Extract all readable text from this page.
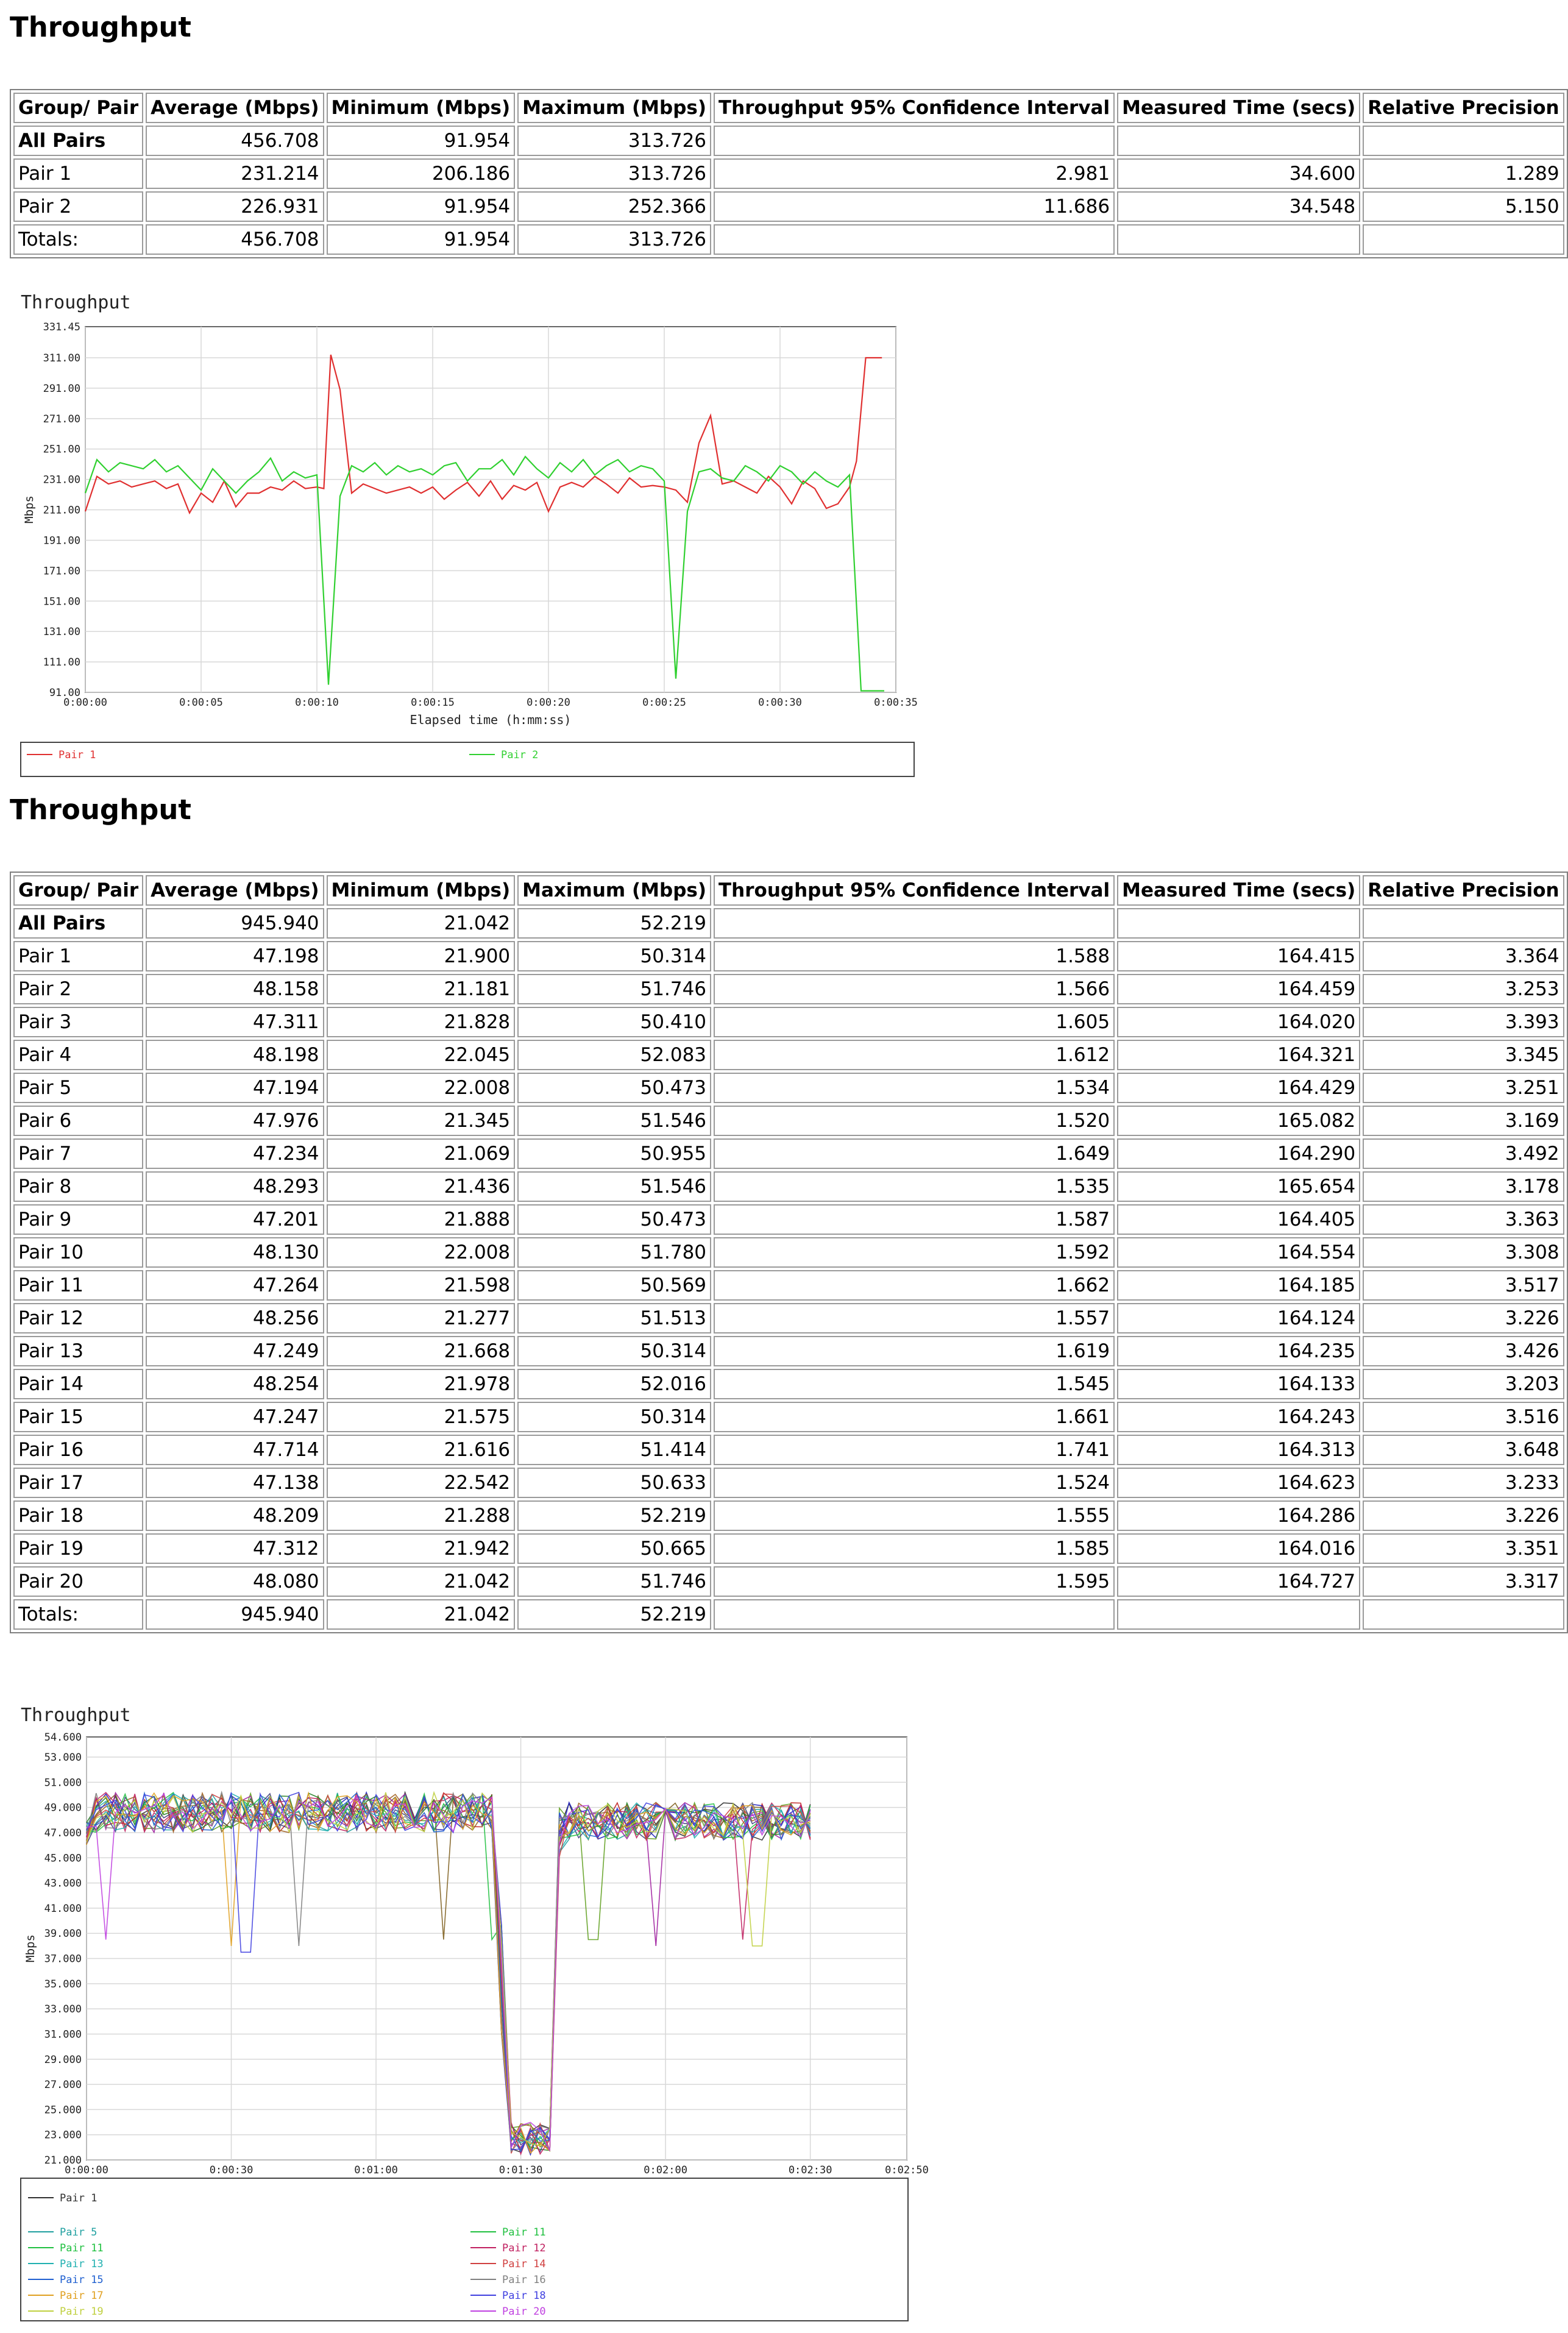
Throughput
Group/ Pair	Average (Mbps)	Minimum (Mbps)	Maximum (Mbps)	Throughput 95% Confidence Interval	Measured Time (secs)	Relative Precision
All Pairs	456.708	91.954	313.726			
Pair 1	231.214	206.186	313.726	2.981	34.600	1.289
Pair 2	226.931	91.954	252.366	11.686	34.548	5.150
Totals:	456.708	91.954	313.726			
Throughput
331.45
311.00
291.00
271.00
251.00
231.00
211.00
191.00
171.00
151.00
131.00
111.00
91.00
0:00:00	0:00:05	0:00:10	0:00:15	0:00:20	0:00:25	0:00:30	0:00:35
Elapsed time (h:mm:ss)
Mbps
Pair 1	Pair 2
Throughput
Group/ Pair	Average (Mbps)	Minimum (Mbps)	Maximum (Mbps)	Throughput 95% Confidence Interval	Measured Time (secs)	Relative Precision
All Pairs	945.940	21.042	52.219			
Pair 1	47.198	21.900	50.314	1.588	164.415	3.364
Pair 2	48.158	21.181	51.746	1.566	164.459	3.253
Pair 3	47.311	21.828	50.410	1.605	164.020	3.393
Pair 4	48.198	22.045	52.083	1.612	164.321	3.345
Pair 5	47.194	22.008	50.473	1.534	164.429	3.251
Pair 6	47.976	21.345	51.546	1.520	165.082	3.169
Pair 7	47.234	21.069	50.955	1.649	164.290	3.492
Pair 8	48.293	21.436	51.546	1.535	165.654	3.178
Pair 9	47.201	21.888	50.473	1.587	164.405	3.363
Pair 10	48.130	22.008	51.780	1.592	164.554	3.308
Pair 11	47.264	21.598	50.569	1.662	164.185	3.517
Pair 12	48.256	21.277	51.513	1.557	164.124	3.226
Pair 13	47.249	21.668	50.314	1.619	164.235	3.426
Pair 14	48.254	21.978	52.016	1.545	164.133	3.203
Pair 15	47.247	21.575	50.314	1.661	164.243	3.516
Pair 16	47.714	21.616	51.414	1.741	164.313	3.648
Pair 17	47.138	22.542	50.633	1.524	164.623	3.233
Pair 18	48.209	21.288	52.219	1.555	164.286	3.226
Pair 19	47.312	21.942	50.665	1.585	164.016	3.351
Pair 20	48.080	21.042	51.746	1.595	164.727	3.317
Totals:	945.940	21.042	52.219			
Throughput
54.600
53.000
51.000
49.000
47.000
45.000
43.000
41.000
39.000
37.000
35.000
33.000
31.000
29.000
27.000
25.000
23.000
21.000
0:00:00	0:00:30	0:01:00	0:01:30	0:02:00	0:02:30	0:02:50
Mbps
Pair 1
Pair 5
Pair 11
Pair 13
Pair 15
Pair 17
Pair 19
Pair 11
Pair 12
Pair 14
Pair 16
Pair 18
Pair 20
